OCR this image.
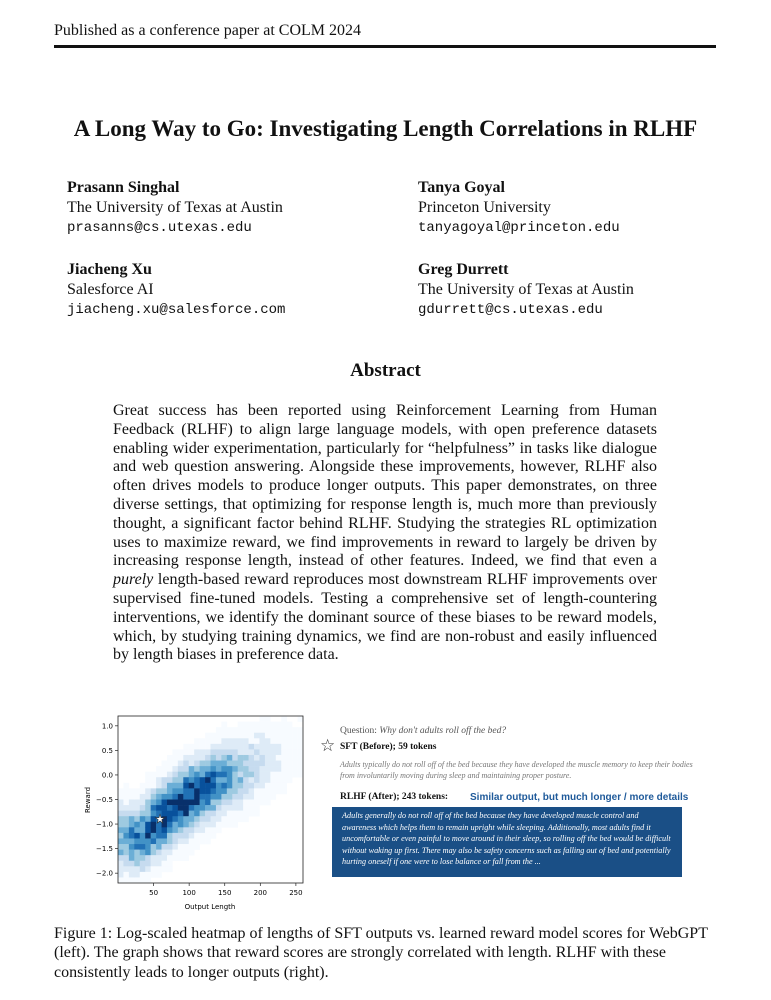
Published as a conference paper at COLM 2024
A Long Way to Go: Investigating Length Correlations in RLHF
Prasann Singhal
The University of Texas at Austin
prasanns@cs.utexas.edu
Tanya Goyal
Princeton University
tanyagoyal@princeton.edu
Jiacheng Xu
Salesforce AI
jiacheng.xu@salesforce.com
Greg Durrett
The University of Texas at Austin
gdurrett@cs.utexas.edu
Abstract
Great success has been reported using Reinforcement Learning from Human Feedback (RLHF) to align large language models, with open preference datasets enabling wider experimentation, particularly for “helpfulness” in tasks like dialogue and web question answering. Alongside these improvements, however, RLHF also often drives models to produce longer outputs. This paper demonstrates, on three diverse settings, that optimizing for response length is, much more than previously thought, a significant factor behind RLHF. Studying the strategies RL optimization uses to maximize reward, we find improvements in reward to largely be driven by increasing response length, instead of other features. Indeed, we find that even a purely length-based reward reproduces most downstream RLHF improvements over supervised fine-tuned models. Testing a comprehensive set of length-countering interventions, we identify the dominant source of these biases to be reward models, which, by studying training dynamics, we find are non-robust and easily influenced by length biases in preference data.
1.0
0.5
0.0
−0.5
−1.0
−1.5
−2.0
50	100	150	200	250
Output Length
Reward
★
Question: Why don't adults roll off the bed?
☆ SFT (Before); 59 tokens
Adults typically do not roll off of the bed because they have developed the muscle memory to keep their bodies from involuntarily moving during sleep and maintaining proper posture.
RLHF (After); 243 tokens: Similar output, but much longer / more details
Adults generally do not roll off of the bed because they have developed muscle control and awareness which helps them to remain upright while sleeping. Additionally, most adults find it uncomfortable or even painful to move around in their sleep, so rolling off the bed would be difficult without waking up first. There may also be safety concerns such as falling out of bed and potentially hurting oneself if one were to lose balance or fall from the ...
Figure 1: Log-scaled heatmap of lengths of SFT outputs vs. learned reward model scores for WebGPT (left). The graph shows that reward scores are strongly correlated with length. RLHF with these consistently leads to longer outputs (right).
